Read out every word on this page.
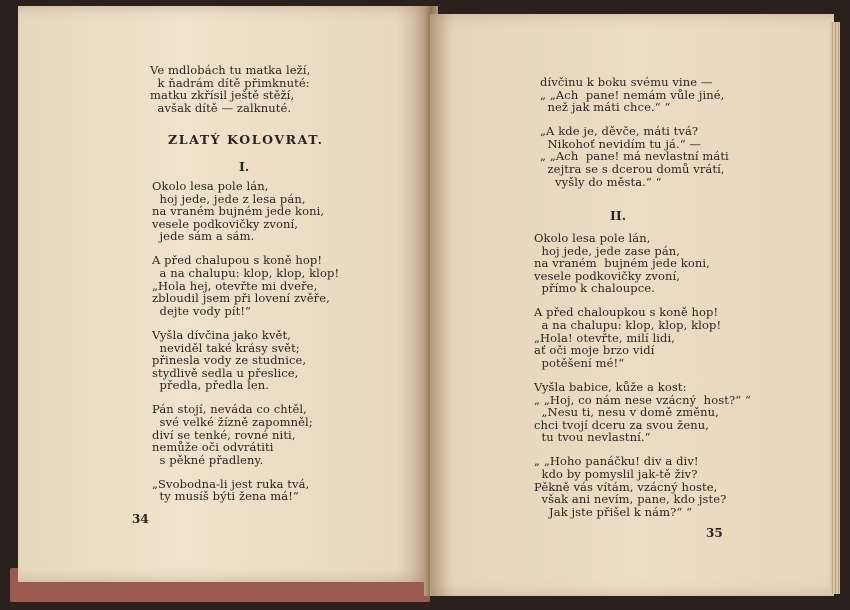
Ve mdlobách tu matka leží,
k ňadrám dítě přimknuté:
matku zkřísil ještě stěží,
avšak dítě — zalknuté.
ZLATÝ KOLOVRAT.
I.
Okolo lesa pole lán,
hoj jede, jede z lesa pán,
na vraném bujném jede koni,
vesele podkovičky zvoní,
jede sám a sám.
A před chalupou s koně hop!
a na chalupu: klop, klop, klop!
„Hola hej, otevřte mi dveře,
zbloudil jsem při lovení zvěře,
dejte vody pít!“
Vyšla dívčina jako květ,
neviděl také krásy svět;
přinesla vody ze studnice,
stydlivě sedla u přeslice,
předla, předla len.
Pán stojí, neváda co chtěl,
své velké žízně zapomněl;
diví se tenké, rovné niti,
nemůže oči odvrátiti
s pěkné přadleny.
„Svobodna-li jest ruka tvá,
ty musíš býti žena má!“
34
dívčinu k boku svému vine —
„ „Ach  pane! nemám vůle jiné,
než jak máti chce.“ “
„A kde je, děvče, máti tvá?
Nikohoť nevidím tu já.“ —
„ „Ach  pane! má nevlastní máti
zejtra se s dcerou domů vrátí,
vyšly do města.“ “
II.
Okolo lesa pole lán,
hoj jede, jede zase pán,
na vraném  bujném jede koni,
vesele podkovičky zvoní,
přímo k chaloupce.
A před chaloupkou s koně hop!
a na chalupu: klop, klop, klop!
„Hola! otevřte, milí lidi,
ať oči moje brzo vidí
potěšení mé!“
Vyšla babice, kůže a kost:
„ „Hoj, co nám nese vzácný  host?“ “
„Nesu ti, nesu v domě změnu,
chci tvojí dceru za svou ženu,
tu tvou nevlastní.“
„ „Hoho panáčku! div a div!
kdo by pomyslil jak-tě živ?
Pěkně vás vítám, vzácný hoste,
však ani nevím, pane, kdo jste?
Jak jste přišel k nám?“ “
35
